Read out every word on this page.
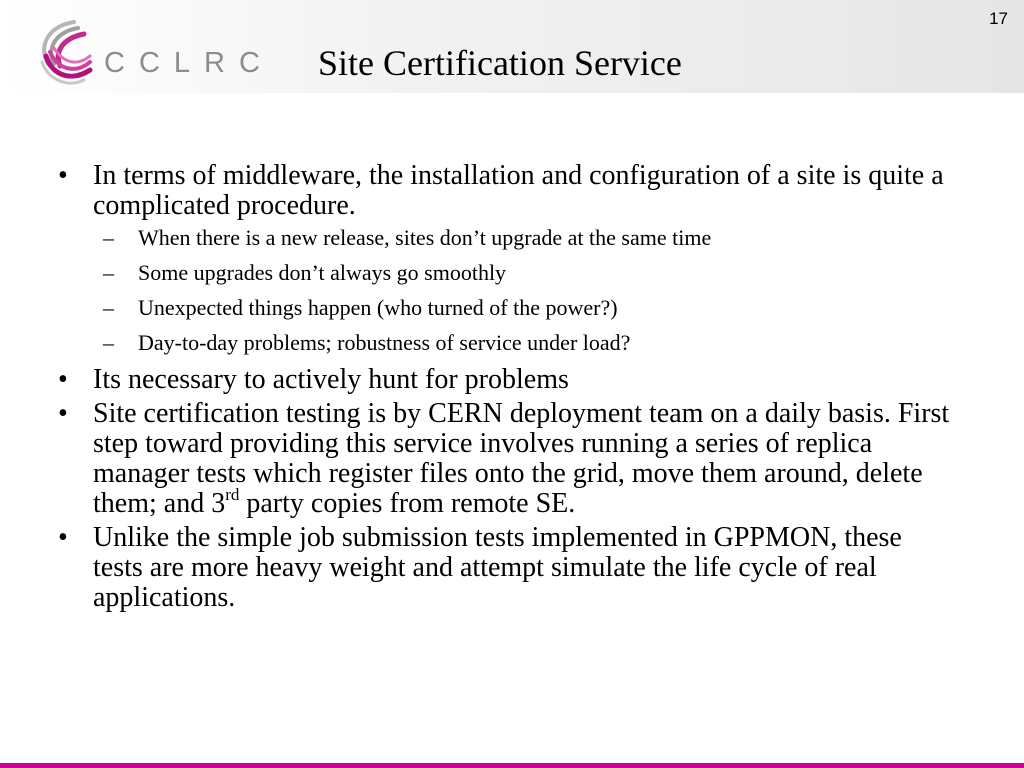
CCLRC Site Certification Service
17
• In terms of middleware, the installation and configuration of a site is quite a complicated procedure.
– When there is a new release, sites don’t upgrade at the same time
– Some upgrades don’t always go smoothly
– Unexpected things happen (who turned of the power?)
– Day-to-day problems; robustness of service under load?
• Its necessary to actively hunt for problems
• Site certification testing is by CERN deployment team on a daily basis. First step toward providing this service involves running a series of replica manager tests which register files onto the grid, move them around, delete them; and 3rd party copies from remote SE.
• Unlike the simple job submission tests implemented in GPPMON, these tests are more heavy weight and attempt simulate the life cycle of real applications.
